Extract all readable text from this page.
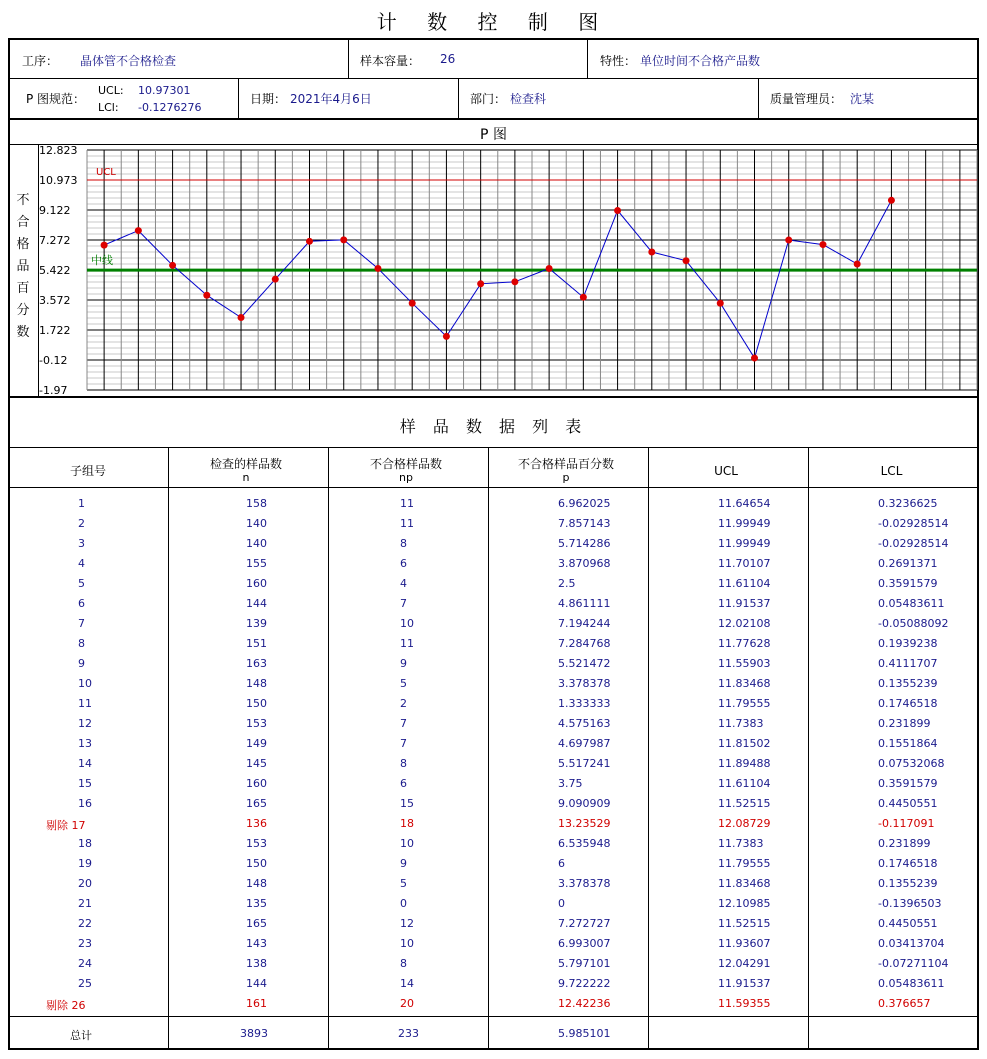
计 数 控 制 图
工序： 晶体管不合格检查	样本容量： 26	特性： 单位时间不合格产品数
P 图规范：
UCL: 10.97301
LCl: -0.1276276
日期： 2021年4月6日	部门： 检查科	质量管理员： 沈某
P 图
不
合
格
品
百
分
数
12.823
10.973
9.122
7.272
5.422
3.572
1.722
-0.12
-1.97
UCL
中线
样 品 数 据 列 表
子组号	检查的样品数
n
不合格样品数
np
不合格样品百分数
p	UCL	LCL
1	158	11	6.962025	11.64654	0.3236625
2	140	11	7.857143	11.99949	-0.02928514
3	140	8	5.714286	11.99949	-0.02928514
4	155	6	3.870968	11.70107	0.2691371
5	160	4	2.5	11.61104	0.3591579
6	144	7	4.861111	11.91537	0.05483611
7	139	10	7.194244	12.02108	-0.05088092
8	151	11	7.284768	11.77628	0.1939238
9	163	9	5.521472	11.55903	0.4111707
10	148	5	3.378378	11.83468	0.1355239
11	150	2	1.333333	11.79555	0.1746518
12	153	7	4.575163	11.7383	0.231899
13	149	7	4.697987	11.81502	0.1551864
14	145	8	5.517241	11.89488	0.07532068
15	160	6	3.75	11.61104	0.3591579
16	165	15	9.090909	11.52515	0.4450551
剔除 17	136	18	13.23529	12.08729	-0.117091
18	153	10	6.535948	11.7383	0.231899
19	150	9	6	11.79555	0.1746518
20	148	5	3.378378	11.83468	0.1355239
21	135	0	0	12.10985	-0.1396503
22	165	12	7.272727	11.52515	0.4450551
23	143	10	6.993007	11.93607	0.03413704
24	138	8	5.797101	12.04291	-0.07271104
25	144	14	9.722222	11.91537	0.05483611
剔除 26	161	20	12.42236	11.59355	0.376657
总计	3893	233	5.985101
